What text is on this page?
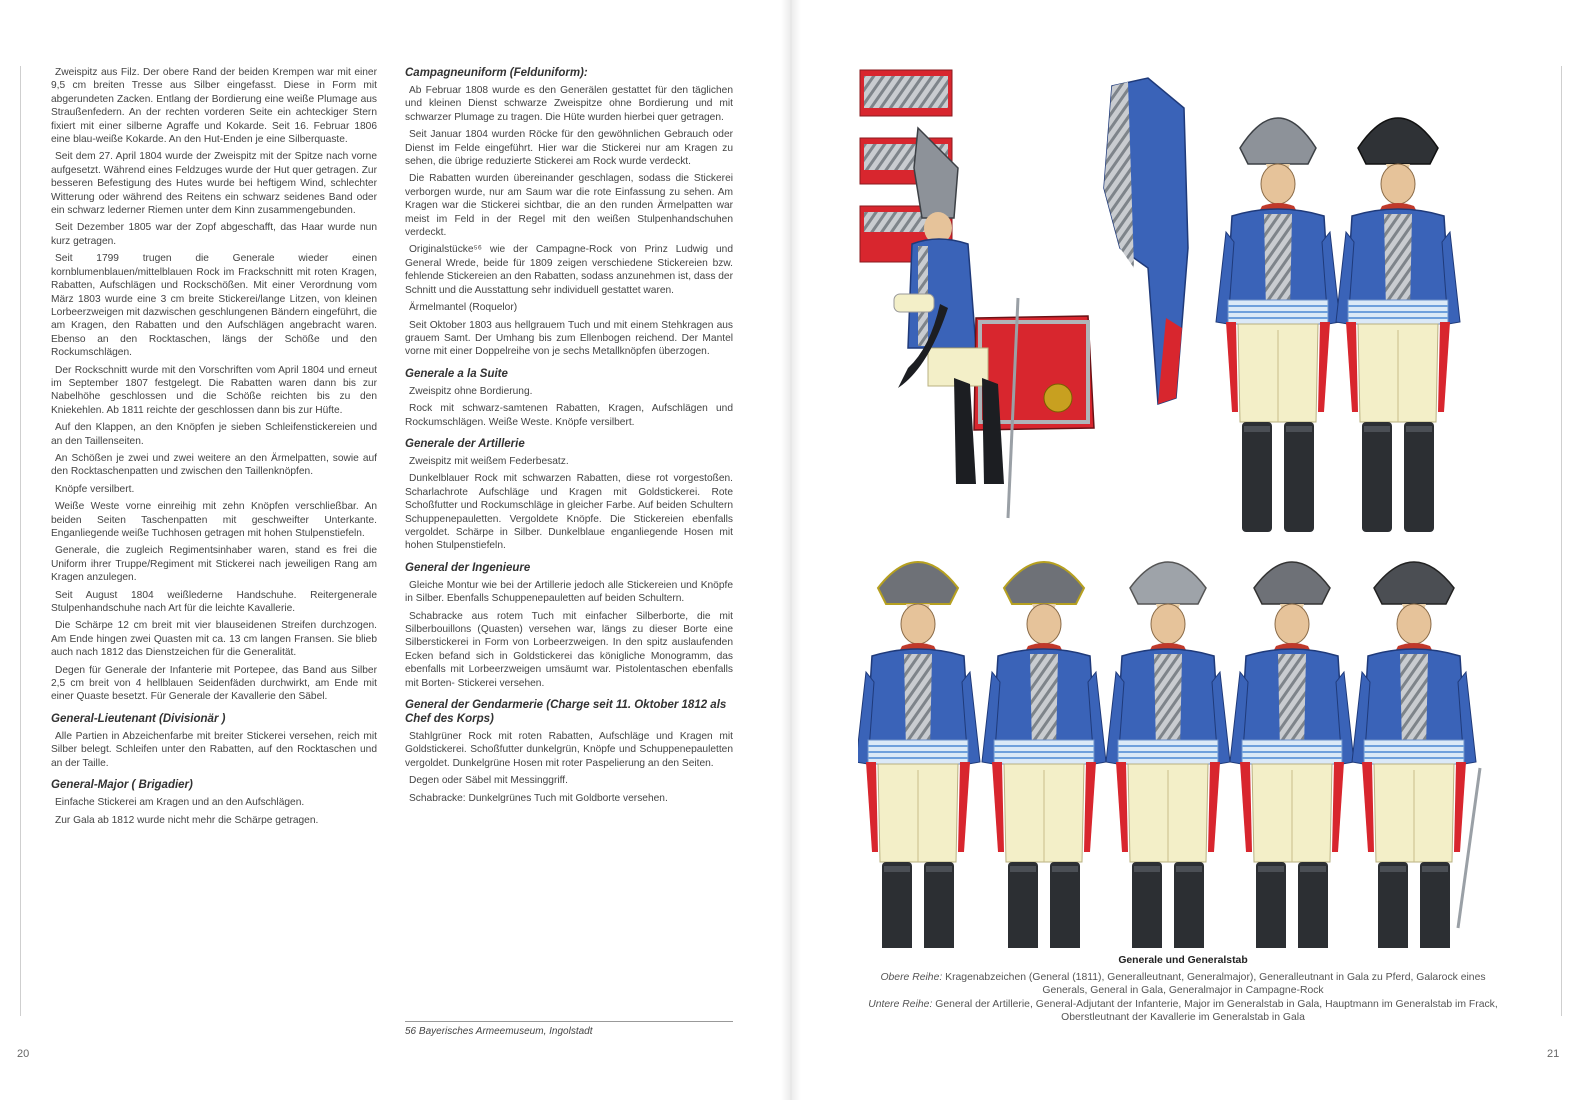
Zweispitz aus Filz. Der obere Rand der beiden Krempen war mit einer 9,5 cm breiten Tresse aus Silber eingefasst. Diese in Form mit abgerundeten Zacken. Entlang der Bordierung eine weiße Plumage aus Straußenfedern. An der rechten vorderen Seite ein achteckiger Stern fixiert mit einer silberne Agraffe und Kokarde. Seit 16. Februar 1806 eine blau-weiße Kokarde. An den Hut-Enden je eine Silberquaste.

Seit dem 27. April 1804 wurde der Zweispitz mit der Spitze nach vorne aufgesetzt. Während eines Feldzuges wurde der Hut quer getragen. Zur besseren Befestigung des Hutes wurde bei heftigem Wind, schlechter Witterung oder während des Reitens ein schwarz seidenes Band oder ein schwarz lederner Riemen unter dem Kinn zusammengebunden.

Seit Dezember 1805 war der Zopf abgeschafft, das Haar wurde nun kurz getragen.

Seit 1799 trugen die Generale wieder einen kornblumenblauen/mittelblauen Rock im Frackschnitt mit roten Kragen, Rabatten, Aufschlägen und Rockschößen. Mit einer Verordnung vom März 1803 wurde eine 3 cm breite Stickerei/lange Litzen, von kleinen Lorbeerzweigen mit dazwischen geschlungenen Bändern eingeführt, die am Kragen, den Rabatten und den Aufschlägen angebracht waren. Ebenso an den Rocktaschen, längs der Schöße und den Rockumschlägen.

Der Rockschnitt wurde mit den Vorschriften vom April 1804 und erneut im September 1807 festgelegt. Die Rabatten waren dann bis zur Nabelhöhe geschlossen und die Schöße reichten bis zu den Kniekehlen. Ab 1811 reichte der geschlossen dann bis zur Hüfte.

Auf den Klappen, an den Knöpfen je sieben Schleifenstickereien und an den Taillenseiten.

An Schößen je zwei und zwei weitere an den Ärmelpatten, sowie auf den Rocktaschenpatten und zwischen den Taillenknöpfen.

Knöpfe versilbert.

Weiße Weste vorne einreihig mit zehn Knöpfen verschließbar. An beiden Seiten Taschenpatten mit geschweifter Unterkante. Enganliegende weiße Tuchhosen getragen mit hohen Stulpenstiefeln.

Generale, die zugleich Regimentsinhaber waren, stand es frei die Uniform ihrer Truppe/Regiment mit Stickerei nach jeweiligen Rang am Kragen anzulegen.

Seit August 1804 weißlederne Handschuhe. Reitergenerale Stulpenhandschuhe nach Art für die leichte Kavallerie.

Die Schärpe 12 cm breit mit vier blauseidenen Streifen durchzogen. Am Ende hingen zwei Quasten mit ca. 13 cm langen Fransen. Sie blieb auch nach 1812 das Dienstzeichen für die Generalität.

Degen für Generale der Infanterie mit Portepee, das Band aus Silber 2,5 cm breit von 4 hellblauen Seidenfäden durchwirkt, am Ende mit einer Quaste besetzt. Für Generale der Kavallerie den Säbel.

General-Lieutenant (Divisionär )

Alle Partien in Abzeichenfarbe mit breiter Stickerei versehen, reich mit Silber belegt. Schleifen unter den Rabatten, auf den Rocktaschen und an der Taille.

General-Major ( Brigadier)

Einfache Stickerei am Kragen und an den Aufschlägen.

Zur Gala ab 1812 wurde nicht mehr die Schärpe getragen.

Campagneuniform (Felduniform):

Ab Februar 1808 wurde es den Generälen gestattet für den täglichen und kleinen Dienst schwarze Zweispitze ohne Bordierung und mit schwarzer Plumage zu tragen. Die Hüte wurden hierbei quer getragen.

Seit Januar 1804 wurden Röcke für den gewöhnlichen Gebrauch oder Dienst im Felde eingeführt. Hier war die Stickerei nur am Kragen zu sehen, die übrige reduzierte Stickerei am Rock wurde verdeckt.

Die Rabatten wurden übereinander geschlagen, sodass die Stickerei verborgen wurde, nur am Saum war die rote Einfassung zu sehen. Am Kragen war die Stickerei sichtbar, die an den runden Ärmelpatten war meist im Feld in der Regel mit den weißen Stulpenhandschuhen verdeckt.

Originalstücke⁵⁶ wie der Campagne-Rock von Prinz Ludwig und General Wrede, beide für 1809 zeigen verschiedene Stickereien bzw. fehlende Stickereien an den Rabatten, sodass anzunehmen ist, dass der Schnitt und die Ausstattung sehr individuell gestattet waren.

Ärmelmantel (Roquelor)

Seit Oktober 1803 aus hellgrauem Tuch und mit einem Stehkragen aus grauem Samt. Der Umhang bis zum Ellenbogen reichend. Der Mantel vorne mit einer Doppelreihe von je sechs Metallknöpfen überzogen.

Generale a la Suite

Zweispitz ohne Bordierung.

Rock mit schwarz-samtenen Rabatten, Kragen, Aufschlägen und Rockumschlägen. Weiße Weste. Knöpfe versilbert.

Generale der Artillerie

Zweispitz mit weißem Federbesatz.

Dunkelblauer Rock mit schwarzen Rabatten, diese rot vorgestoßen. Scharlachrote Aufschläge und Kragen mit Goldstickerei. Rote Schoßfutter und Rockumschläge in gleicher Farbe. Auf beiden Schultern Schuppenepauletten. Vergoldete Knöpfe. Die Stickereien ebenfalls vergoldet. Schärpe in Silber. Dunkelblaue enganliegende Hosen mit hohen Stulpenstiefeln.

General der Ingenieure

Gleiche Montur wie bei der Artillerie jedoch alle Stickereien und Knöpfe in Silber. Ebenfalls Schuppenepauletten auf beiden Schultern.

Schabracke aus rotem Tuch mit einfacher Silberborte, die mit Silberbouillons (Quasten) versehen war, längs zu dieser Borte eine Silberstickerei in Form von Lorbeerzweigen. In den spitz auslaufenden Ecken befand sich in Goldstickerei das königliche Monogramm, das ebenfalls mit Lorbeerzweigen umsäumt war. Pistolentaschen ebenfalls mit Borten- Stickerei versehen.

General der Gendarmerie (Charge seit 11. Oktober 1812 als Chef des Korps)

Stahlgrüner Rock mit roten Rabatten, Aufschläge und Kragen mit Goldstickerei. Schoßfutter dunkelgrün, Knöpfe und Schuppenepauletten vergoldet. Dunkelgrüne Hosen mit roter Paspelierung an den Seiten.

Degen oder Säbel mit Messinggriff.

Schabracke: Dunkelgrünes Tuch mit Goldborte versehen.

56 Bayerisches Armeemuseum, Ingolstadt
20	21
Generale und Generalstab
Obere Reihe: Kragenabzeichen (General (1811), Generalleutnant, Generalmajor), Generalleutnant in Gala zu Pferd, Galarock eines Generals, General in Gala, Generalmajor in Campagne-Rock
Untere Reihe: General der Artillerie, General-Adjutant der Infanterie, Major im Generalstab in Gala, Hauptmann im Generalstab im Frack, Oberstleutnant der Kavallerie im Generalstab in Gala
